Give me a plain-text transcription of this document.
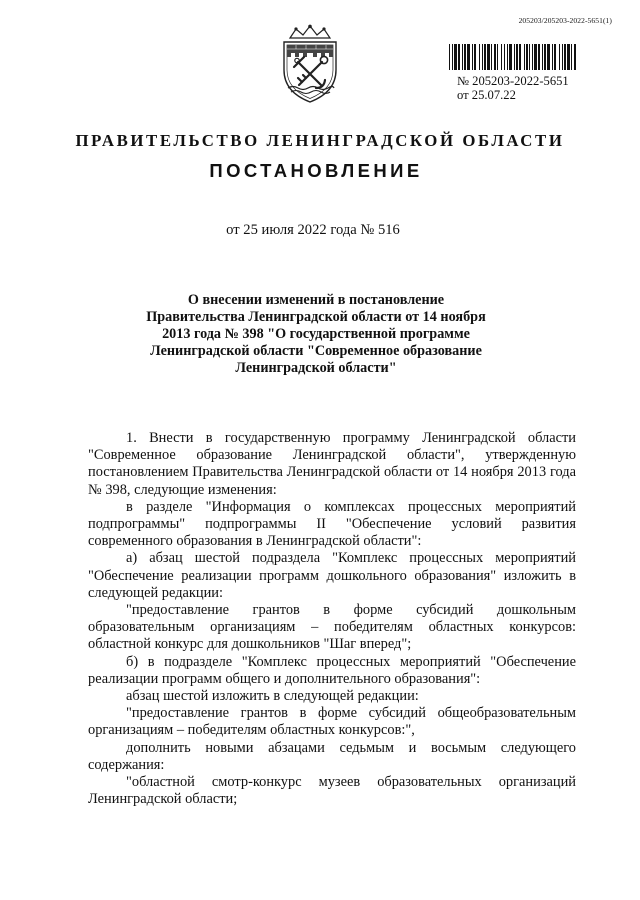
205203/205203-2022-5651(1)
№ 205203-2022-5651
от 25.07.22
ПРАВИТЕЛЬСТВО ЛЕНИНГРАДСКОЙ ОБЛАСТИ
ПОСТАНОВЛЕНИЕ
от 25 июля 2022 года № 516
О внесении изменений в постановление
Правительства Ленинградской области от 14 ноября
2013 года № 398 "О государственной программе
Ленинградской области "Современное образование
Ленинградской области"

1. Внести в государственную программу Ленинградской области "Современное образование Ленинградской области", утвержденную постановлением Правительства Ленинградской области от 14 ноября 2013 года № 398, следующие изменения:

в разделе "Информация о комплексах процессных мероприятий подпрограммы" подпрограммы II "Обеспечение условий развития современного образования в Ленинградской области":

а) абзац шестой подраздела "Комплекс процессных мероприятий "Обеспечение реализации программ дошкольного образования" изложить в следующей редакции:

"предоставление грантов в форме субсидий дошкольным образовательным организациям – победителям областных конкурсов: областной конкурс для дошкольников "Шаг вперед";

б) в подразделе "Комплекс процессных мероприятий "Обеспечение реализации программ общего и дополнительного образования":

абзац шестой изложить в следующей редакции:

"предоставление грантов в форме субсидий общеобразовательным организациям – победителям областных конкурсов:",

дополнить новыми абзацами седьмым и восьмым следующего содержания:

"областной смотр-конкурс музеев образовательных организаций Ленинградской области;
